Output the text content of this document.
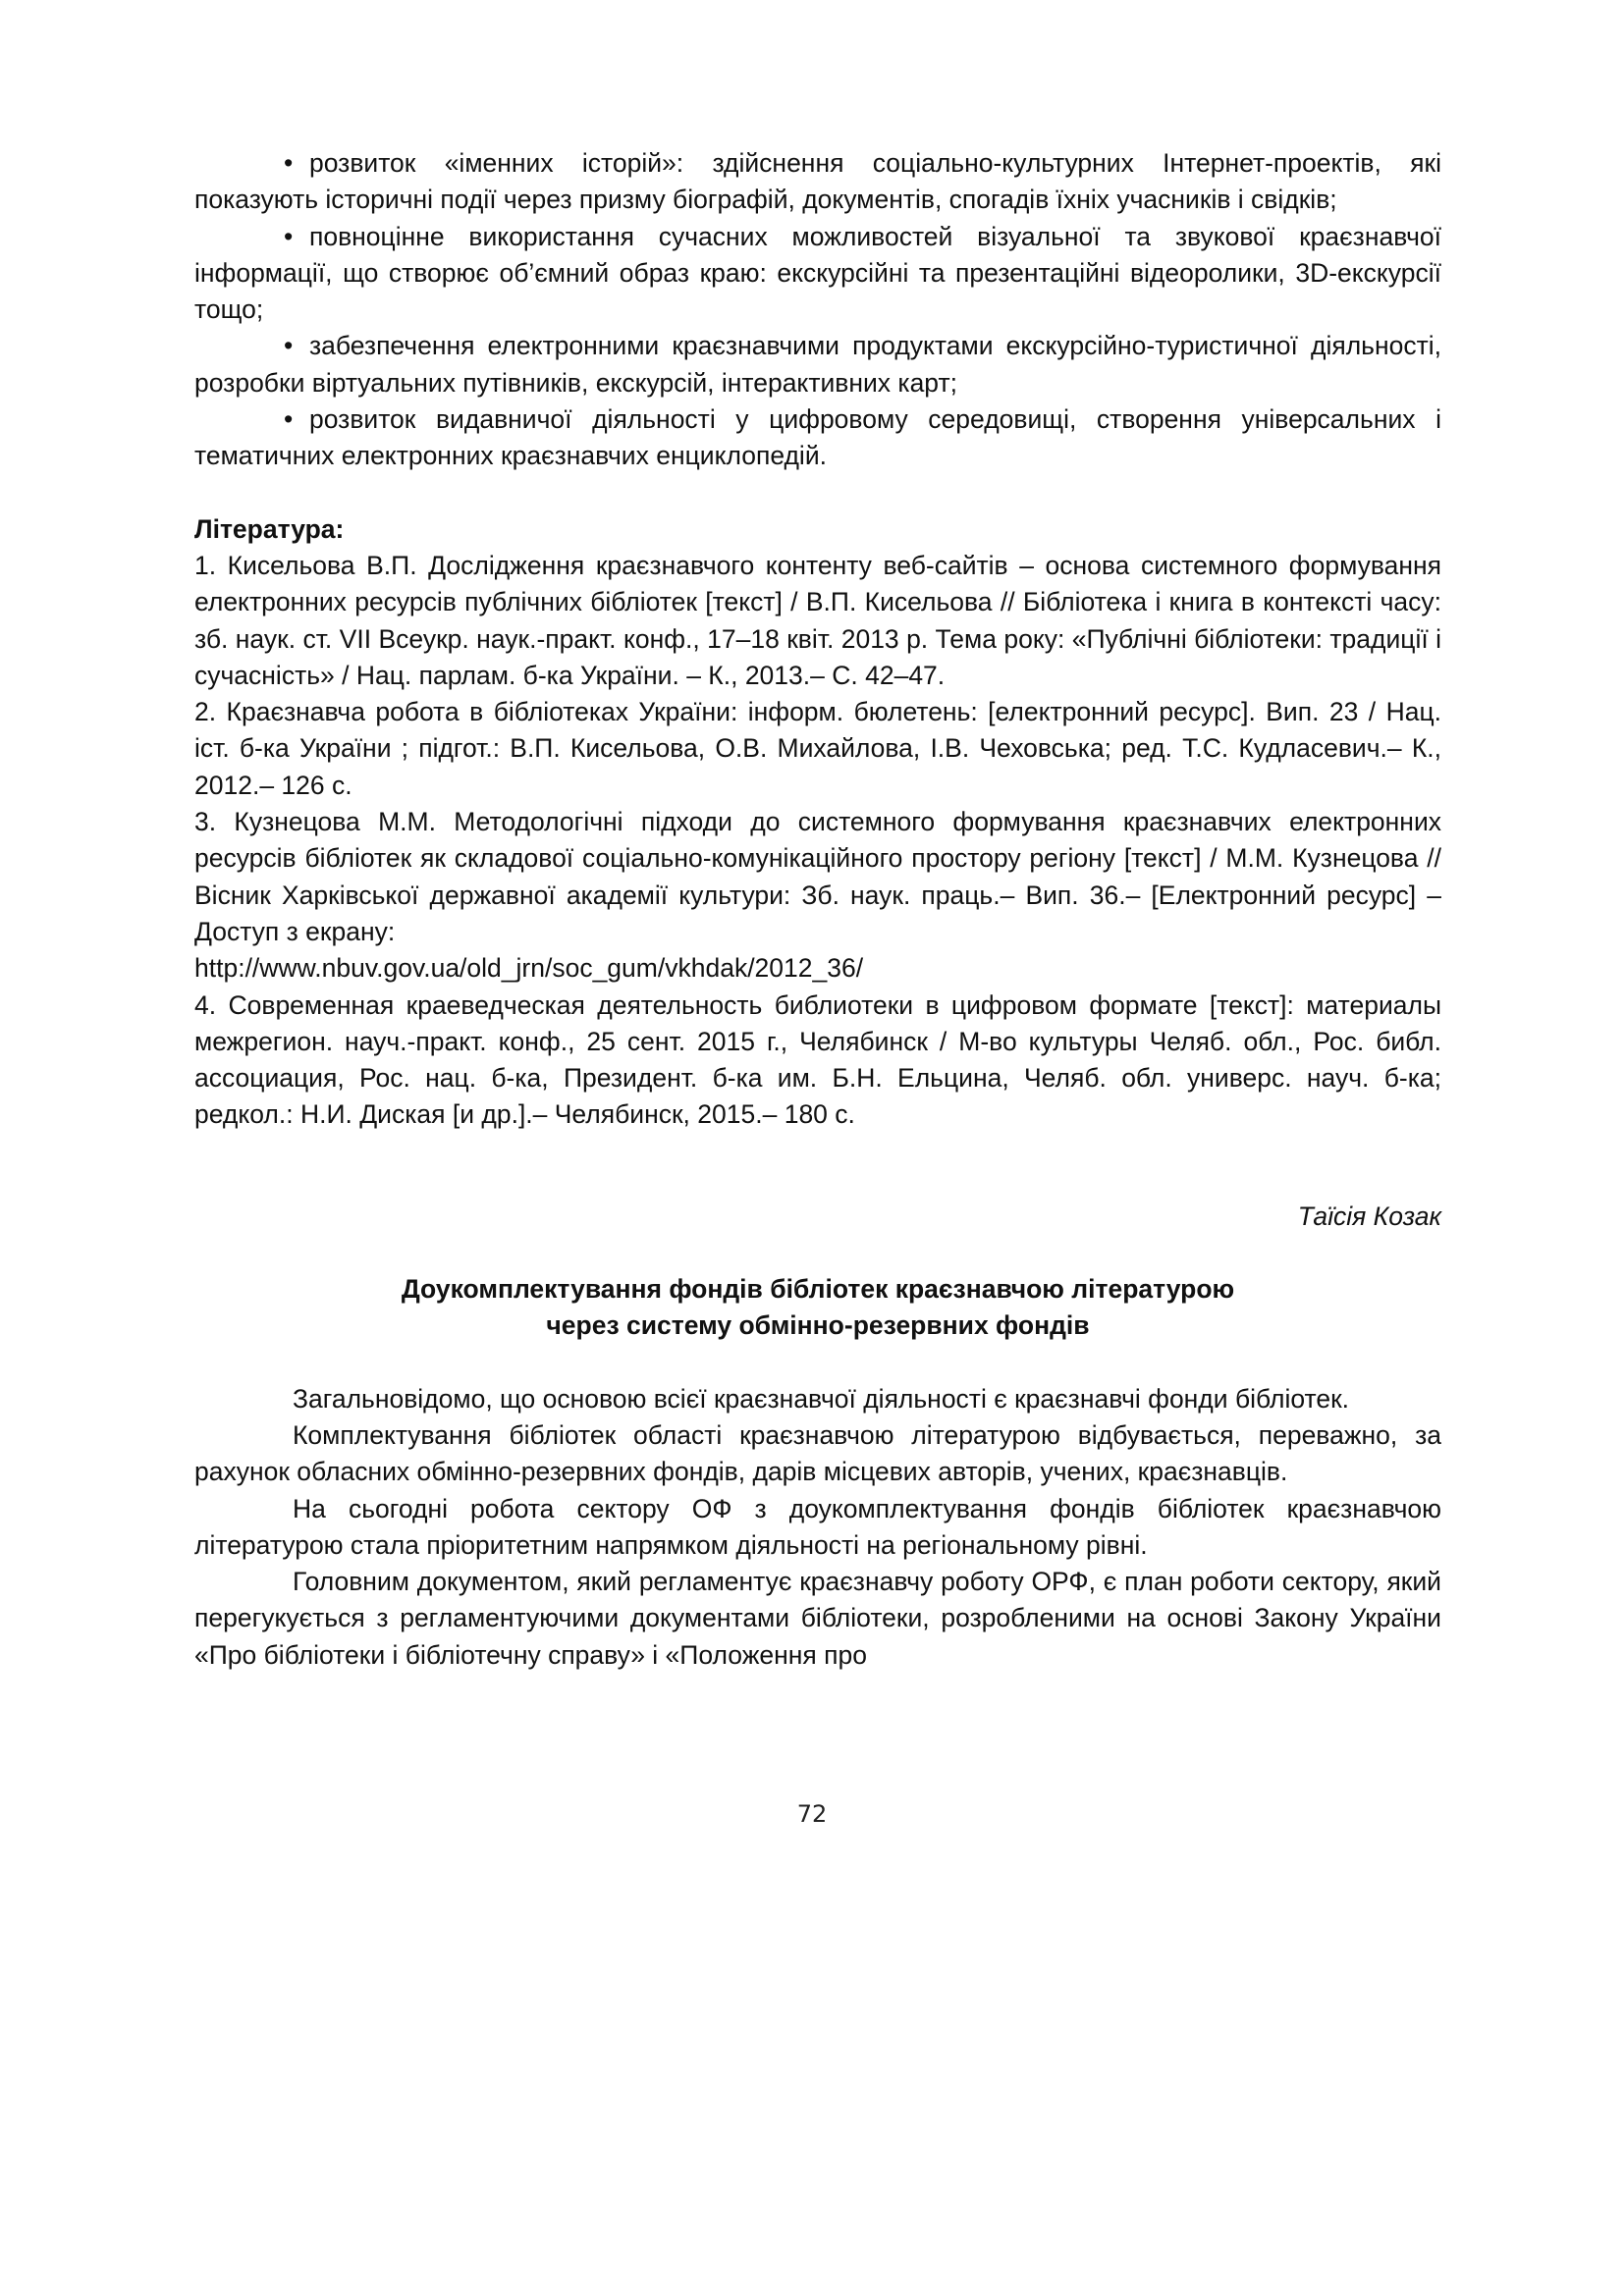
• розвиток «іменних історій»: здійснення соціально-культурних Інтернет-проектів, які показують історичні події через призму біографій, документів, спогадів їхніх учасників і свідків;

• повноцінне використання сучасних можливостей візуальної та звукової краєзнавчої інформації, що створює об’ємний образ краю: екскурсійні та презентаційні відеоролики, 3D-екскурсії тощо;

• забезпечення електронними краєзнавчими продуктами екскурсійно-туристичної діяльності, розробки віртуальних путівників, екскурсій, інтерактивних карт;

• розвиток видавничої діяльності у цифровому середовищі, створення універсальних і тематичних електронних краєзнавчих енциклопедій.

Література:

1. Кисельова В.П. Дослідження краєзнавчого контенту веб-сайтів – основа системного формування електронних ресурсів публічних бібліотек [текст] / В.П. Кисельова // Бібліотека і книга в контексті часу: зб. наук. ст. VII Всеукр. наук.-практ. конф., 17–18 квіт. 2013 р. Тема року: «Публічні бібліотеки: традиції і сучасність» / Нац. парлам. б-ка України. – К., 2013.– С. 42–47.

2. Краєзнавча робота в бібліотеках України: інформ. бюлетень: [електронний ресурс]. Вип. 23 / Нац. іст. б-ка України ; підгот.: В.П. Кисельова, О.В. Михайлова, І.В. Чеховська; ред. Т.С. Кудласевич.– К., 2012.– 126 с.

3. Кузнецова М.М. Методологічні підходи до системного формування краєзнавчих електронних ресурсів бібліотек як складової соціально-комунікаційного простору регіону [текст] / М.М. Кузнецова // Вісник Харківської державної академії культури: Зб. наук. праць.– Вип. 36.– [Електронний ресурс] – Доступ з екрану:

http://www.nbuv.gov.ua/old_jrn/soc_gum/vkhdak/2012_36/

4. Современная краеведческая деятельность библиотеки в цифровом формате [текст]: материалы межрегион. науч.-практ. конф., 25 сент. 2015 г., Челябинск / М-во культуры Челяб. обл., Рос. библ. ассоциация, Рос. нац. б-ка, Президент. б-ка им. Б.Н. Ельцина, Челяб. обл. универс. науч. б-ка; редкол.: Н.И. Диская [и др.].– Челябинск, 2015.– 180 с.

Таїсія Козак

Доукомплектування фондів бібліотек краєзнавчою літературою
через систему обмінно-резервних фондів

Загальновідомо, що основою всієї краєзнавчої діяльності є краєзнавчі фонди бібліотек.

Комплектування бібліотек області краєзнавчою літературою відбувається, переважно, за рахунок обласних обмінно-резервних фондів, дарів місцевих авторів, учених, краєзнавців.

На сьогодні робота сектору ОФ з доукомплектування фондів бібліотек краєзнавчою літературою стала пріоритетним напрямком діяльності на регіональному рівні.

Головним документом, який регламентує краєзнавчу роботу ОРФ, є план роботи сектору, який перегукується з регламентуючими документами бібліотеки, розробленими на основі Закону України «Про бібліотеки і бібліотечну справу» і «Положення про

72
